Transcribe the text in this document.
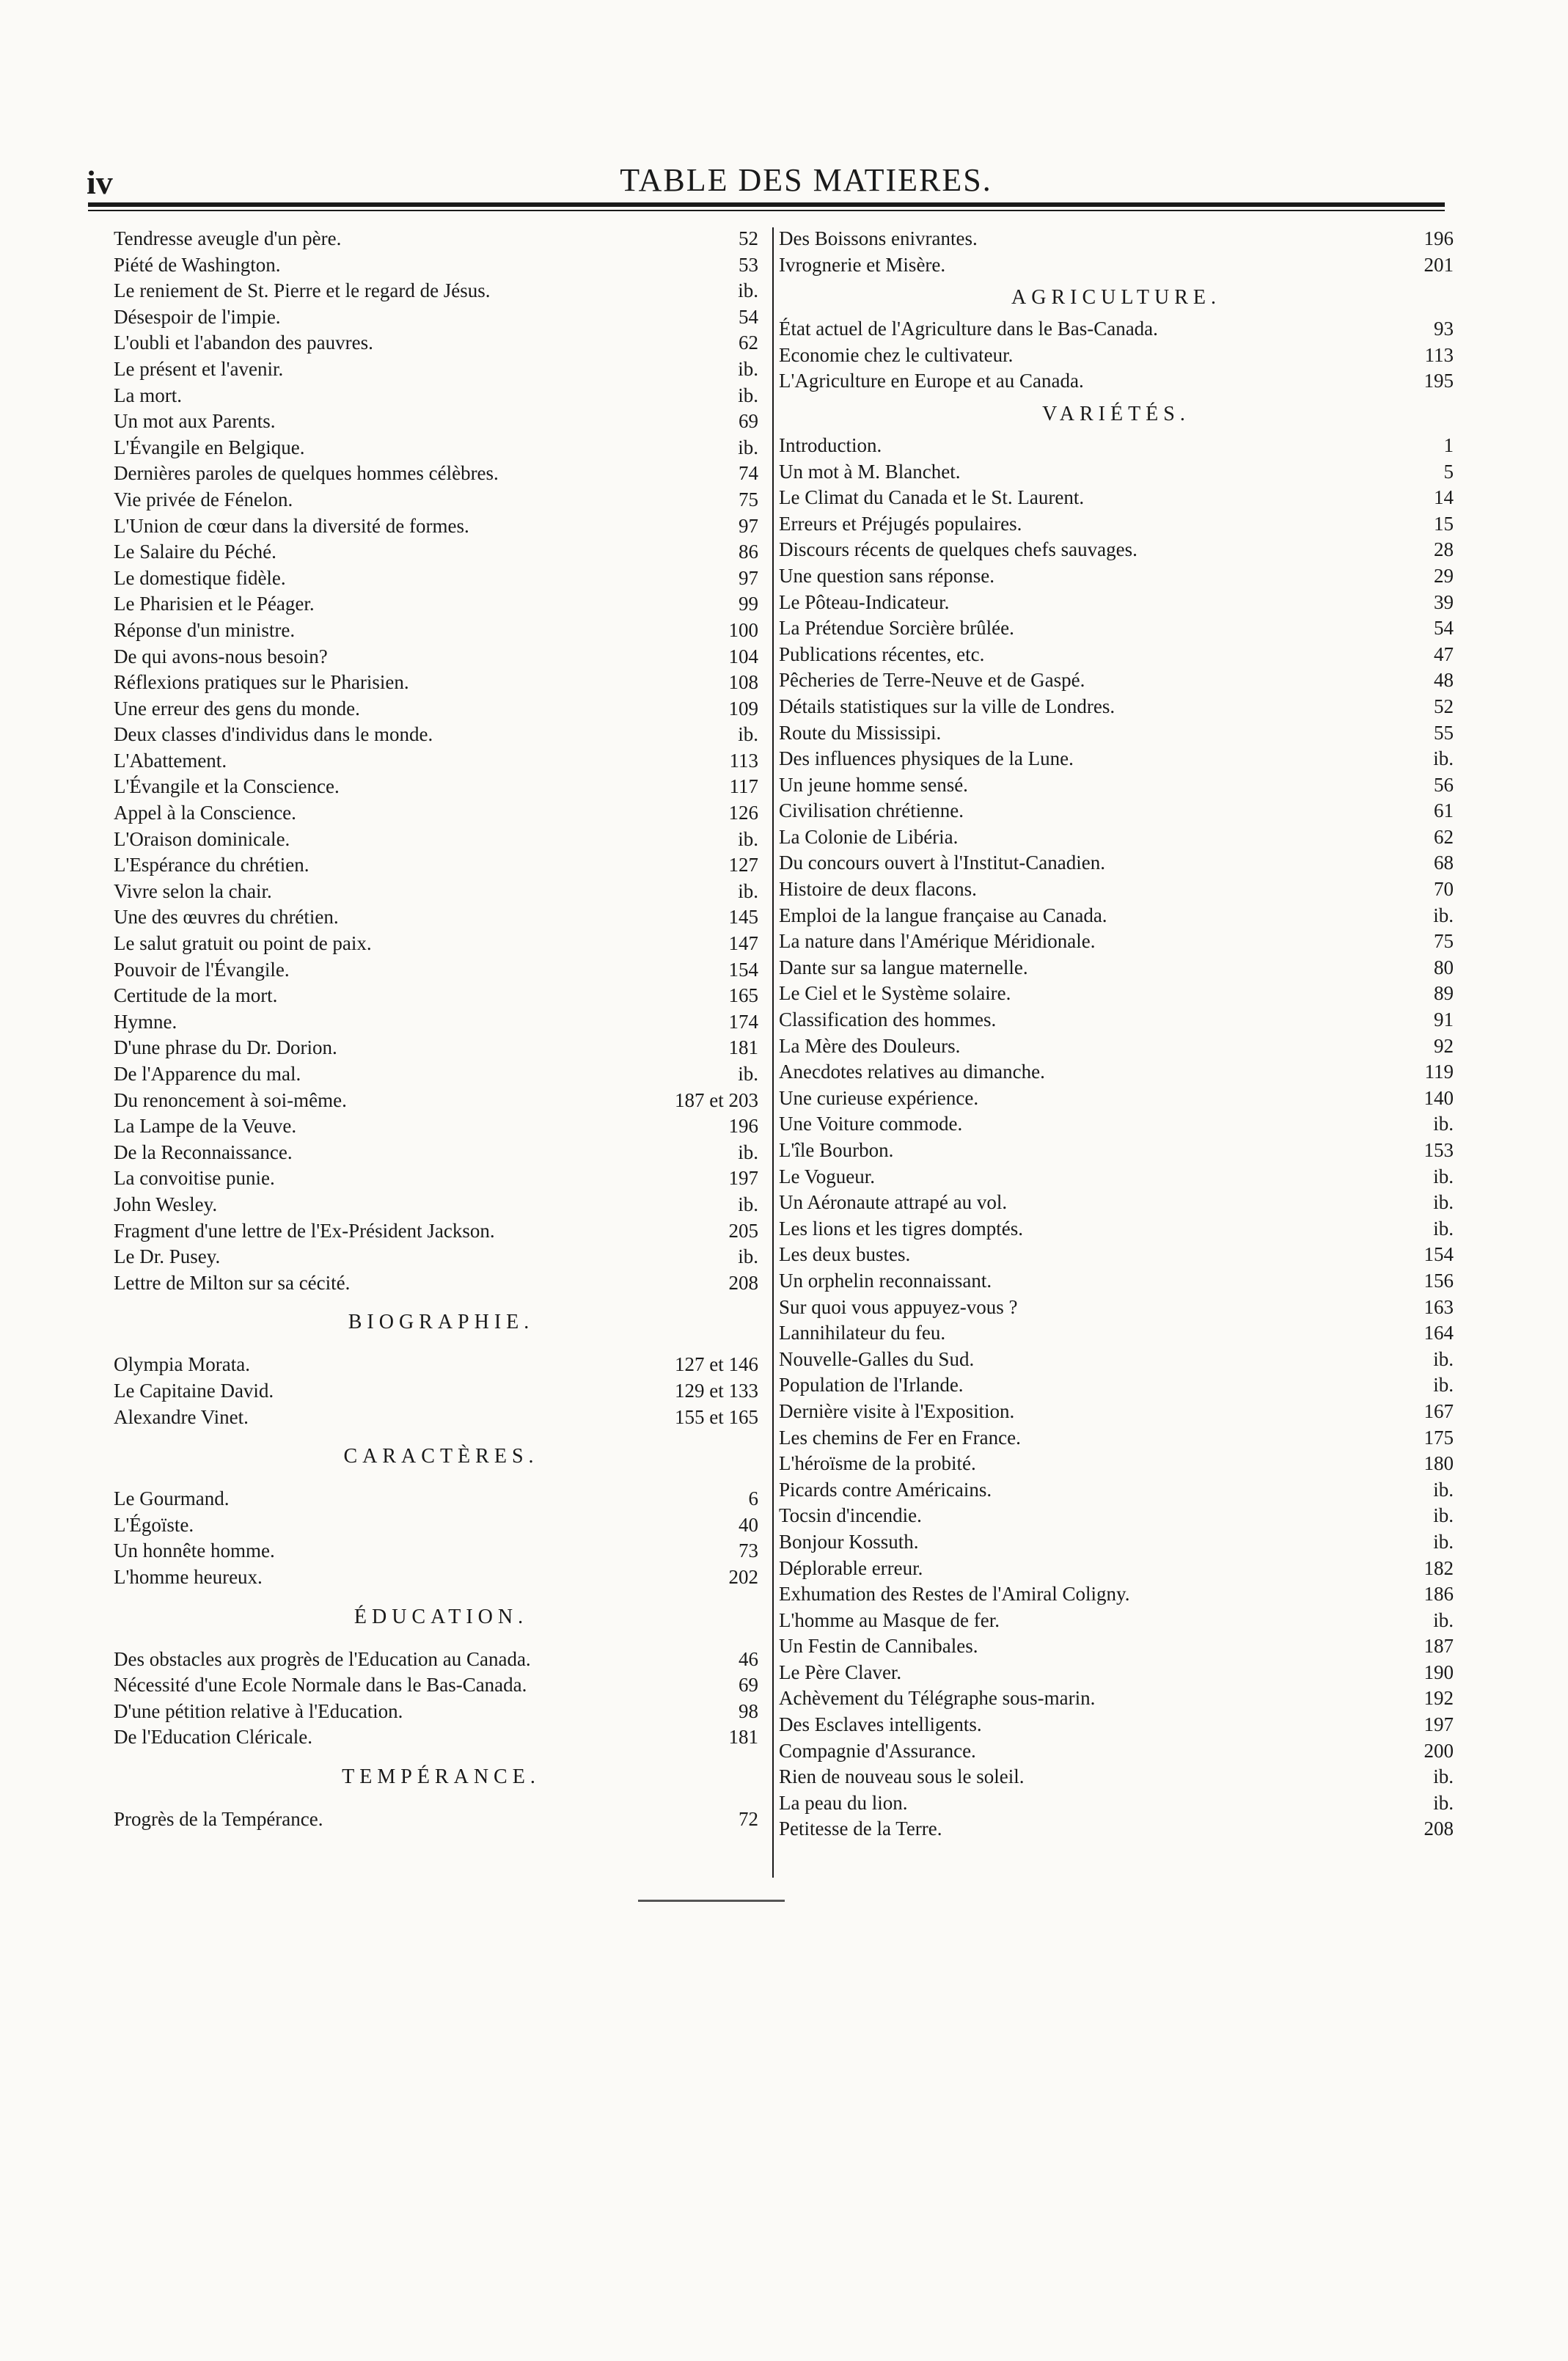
iv	TABLE DES MATIERES.
Tendresse aveugle d'un père.	52
Piété de Washington.	53
Le reniement de St. Pierre et le regard de Jésus.	ib.
Désespoir de l'impie.	54
L'oubli et l'abandon des pauvres.	62
Le présent et l'avenir.	ib.
La mort.	ib.
Un mot aux Parents.	69
L'Évangile en Belgique.	ib.
Dernières paroles de quelques hommes célèbres.	74
Vie privée de Fénelon.	75
L'Union de cœur dans la diversité de formes.	97
Le Salaire du Péché.	86
Le domestique fidèle.	97
Le Pharisien et le Péager.	99
Réponse d'un ministre.	100
De qui avons-nous besoin?	104
Réflexions pratiques sur le Pharisien.	108
Une erreur des gens du monde.	109
Deux classes d'individus dans le monde.	ib.
L'Abattement.	113
L'Évangile et la Conscience.	117
Appel à la Conscience.	126
L'Oraison dominicale.	ib.
L'Espérance du chrétien.	127
Vivre selon la chair.	ib.
Une des œuvres du chrétien.	145
Le salut gratuit ou point de paix.	147
Pouvoir de l'Évangile.	154
Certitude de la mort.	165
Hymne.	174
D'une phrase du Dr. Dorion.	181
De l'Apparence du mal.	ib.
Du renoncement à soi-même.	187 et 203
La Lampe de la Veuve.	196
De la Reconnaissance.	ib.
La convoitise punie.	197
John Wesley.	ib.
Fragment d'une lettre de l'Ex-Président Jackson.	205
Le Dr. Pusey.	ib.
Lettre de Milton sur sa cécité.	208
BIOGRAPHIE.
Olympia Morata.	127 et 146
Le Capitaine David.	129 et 133
Alexandre Vinet.	155 et 165
CARACTÈRES.
Le Gourmand.	6
L'Égoïste.	40
Un honnête homme.	73
L'homme heureux.	202
ÉDUCATION.
Des obstacles aux progrès de l'Education au Canada.	46
Nécessité d'une Ecole Normale dans le Bas-Canada.	69
D'une pétition relative à l'Education.	98
De l'Education Cléricale.	181
TEMPÉRANCE.
Progrès de la Tempérance.	72
Des Boissons enivrantes.	196
Ivrognerie et Misère.	201
AGRICULTURE.
État actuel de l'Agriculture dans le Bas-Canada.	93
Economie chez le cultivateur.	113
L'Agriculture en Europe et au Canada.	195
VARIÉTÉS.
Introduction.	1
Un mot à M. Blanchet.	5
Le Climat du Canada et le St. Laurent.	14
Erreurs et Préjugés populaires.	15
Discours récents de quelques chefs sauvages.	28
Une question sans réponse.	29
Le Pôteau-Indicateur.	39
La Prétendue Sorcière brûlée.	54
Publications récentes, etc.	47
Pêcheries de Terre-Neuve et de Gaspé.	48
Détails statistiques sur la ville de Londres.	52
Route du Mississipi.	55
Des influences physiques de la Lune.	ib.
Un jeune homme sensé.	56
Civilisation chrétienne.	61
La Colonie de Libéria.	62
Du concours ouvert à l'Institut-Canadien.	68
Histoire de deux flacons.	70
Emploi de la langue française au Canada.	ib.
La nature dans l'Amérique Méridionale.	75
Dante sur sa langue maternelle.	80
Le Ciel et le Système solaire.	89
Classification des hommes.	91
La Mère des Douleurs.	92
Anecdotes relatives au dimanche.	119
Une curieuse expérience.	140
Une Voiture commode.	ib.
L'île Bourbon.	153
Le Vogueur.	ib.
Un Aéronaute attrapé au vol.	ib.
Les lions et les tigres domptés.	ib.
Les deux bustes.	154
Un orphelin reconnaissant.	156
Sur quoi vous appuyez-vous ?	163
Lannihilateur du feu.	164
Nouvelle-Galles du Sud.	ib.
Population de l'Irlande.	ib.
Dernière visite à l'Exposition.	167
Les chemins de Fer en France.	175
L'héroïsme de la probité.	180
Picards contre Américains.	ib.
Tocsin d'incendie.	ib.
Bonjour Kossuth.	ib.
Déplorable erreur.	182
Exhumation des Restes de l'Amiral Coligny.	186
L'homme au Masque de fer.	ib.
Un Festin de Cannibales.	187
Le Père Claver.	190
Achèvement du Télégraphe sous-marin.	192
Des Esclaves intelligents.	197
Compagnie d'Assurance.	200
Rien de nouveau sous le soleil.	ib.
La peau du lion.	ib.
Petitesse de la Terre.	208
